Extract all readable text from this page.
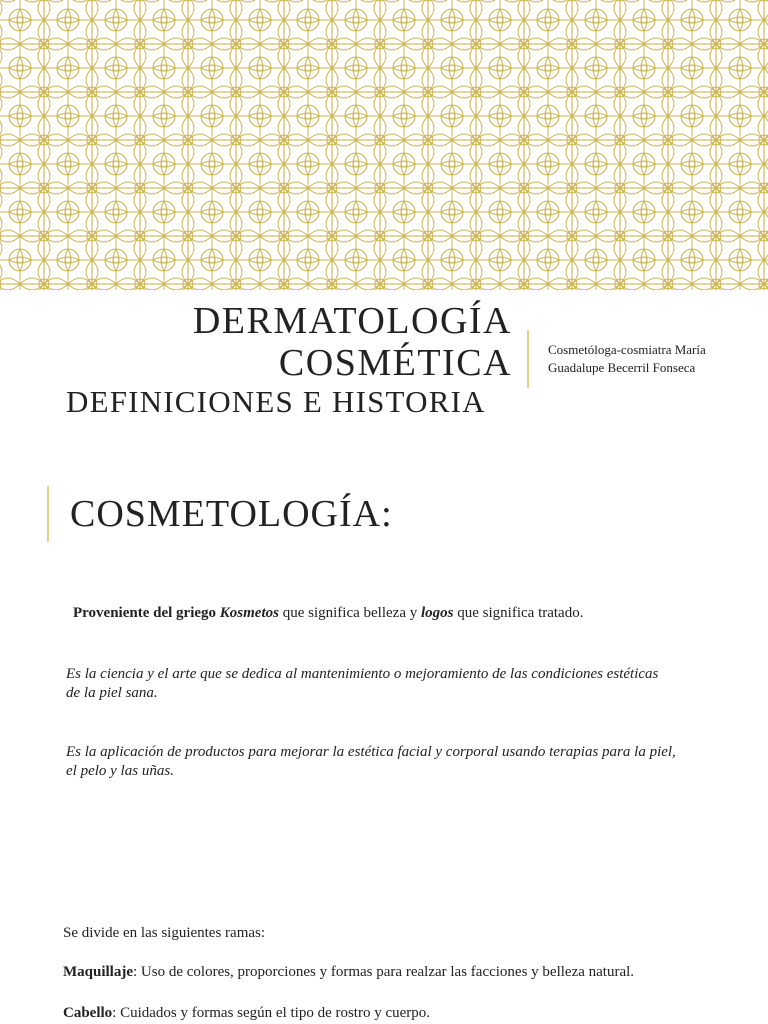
DERMATOLOGÍA
COSMÉTICA
DEFINICIONES E HISTORIA
Cosmetóloga-cosmiatra María Guadalupe Becerril Fonseca
COSMETOLOGÍA:

Proveniente del griego Kosmetos que significa belleza y logos que significa tratado.

Es la ciencia y el arte que se dedica al mantenimiento o mejoramiento de las condiciones estéticas de la piel sana.

Es la aplicación de productos para mejorar la estética facial y corporal usando terapias para la piel, el pelo y las uñas.

Se divide en las siguientes ramas:

Maquillaje: Uso de colores, proporciones y formas para realzar las facciones y belleza natural.

Cabello: Cuidados y formas según el tipo de rostro y cuerpo.
